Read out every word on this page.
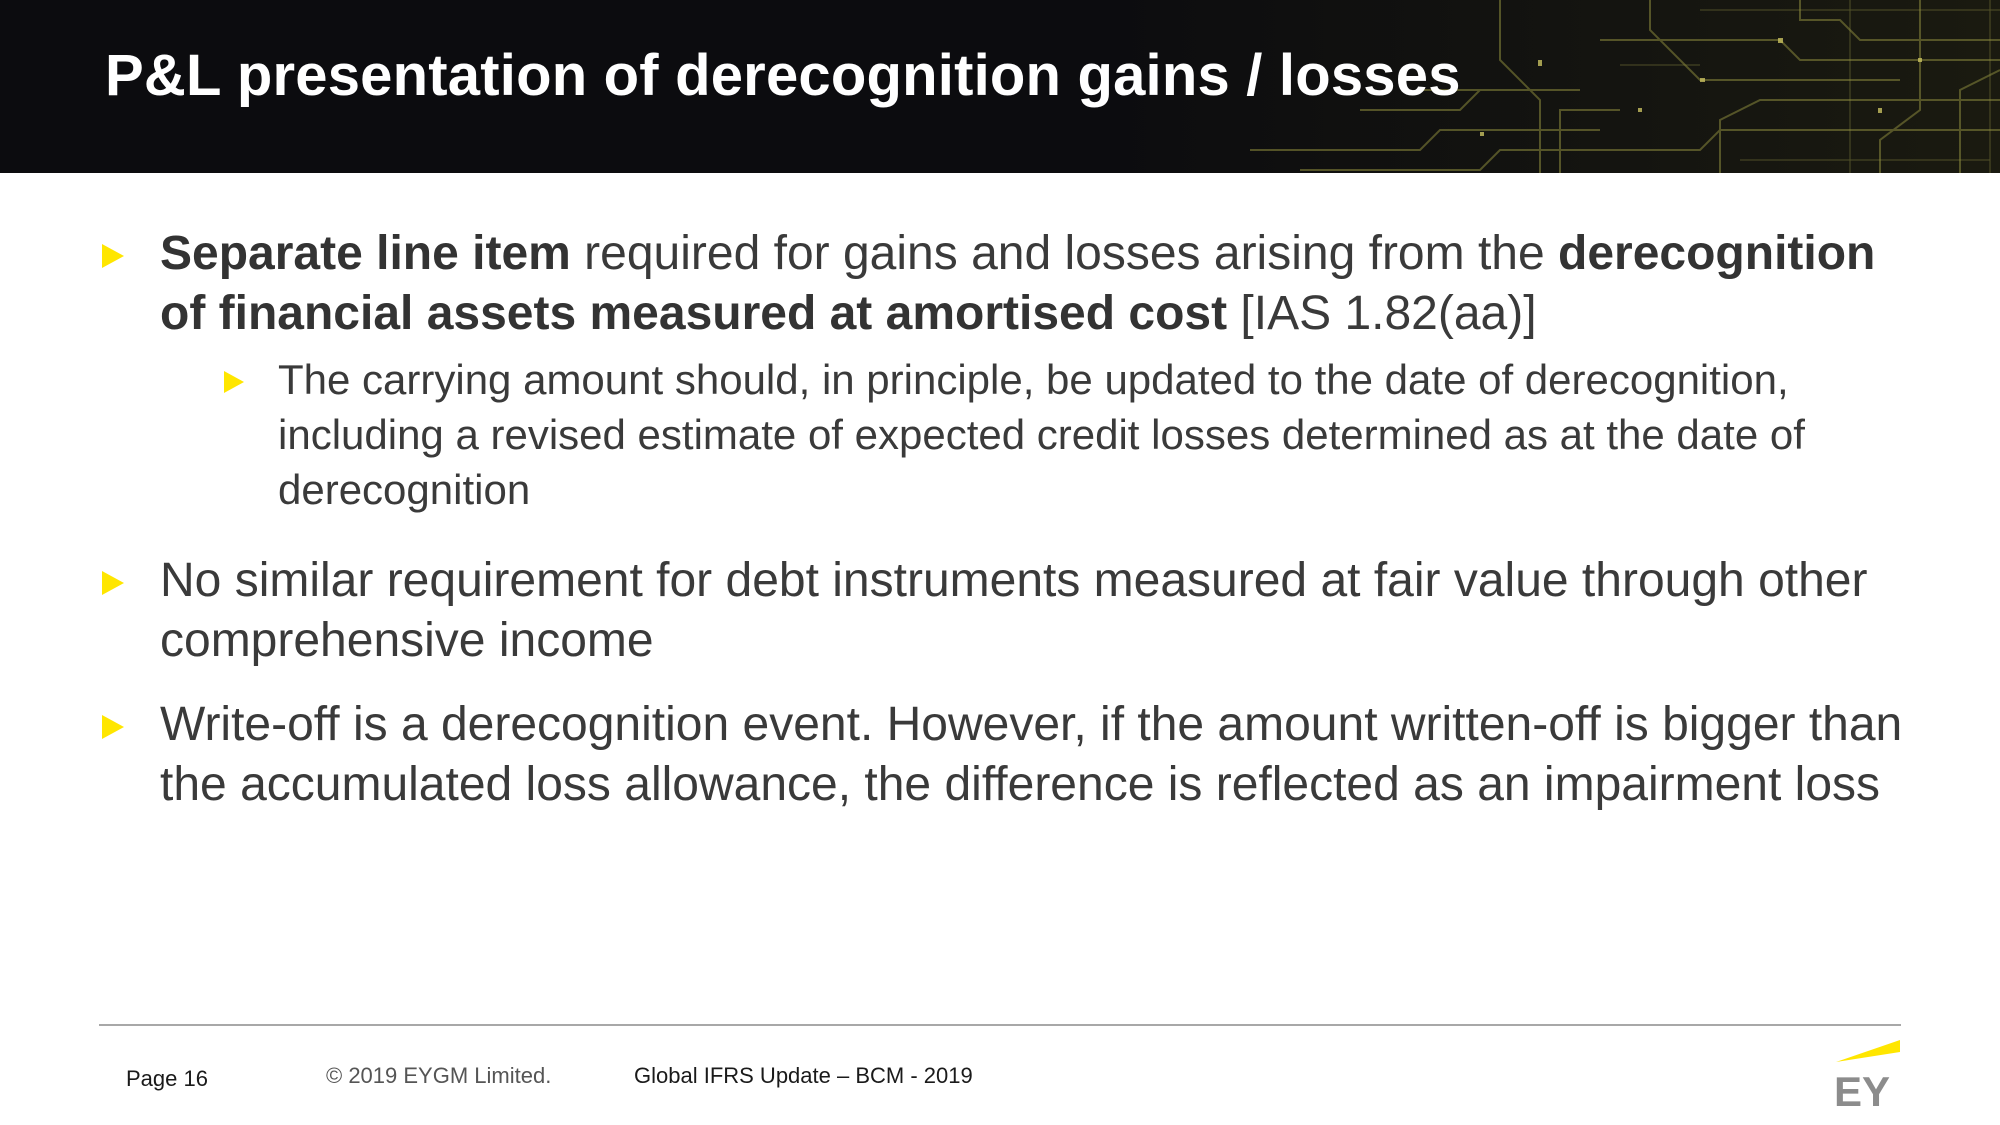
P&L presentation of derecognition gains / losses
Separate line item required for gains and losses arising from the derecognition of financial assets measured at amortised cost [IAS 1.82(aa)]
The carrying amount should, in principle, be updated to the date of derecognition, including a revised estimate of expected credit losses determined as at the date of derecognition
No similar requirement for debt instruments measured at fair value through other comprehensive income
Write-off is a derecognition event. However, if the amount written-off is bigger than the accumulated loss allowance, the difference is reflected as an impairment loss
Page 16	© 2019 EYGM Limited.	Global IFRS Update – BCM - 2019	EY
